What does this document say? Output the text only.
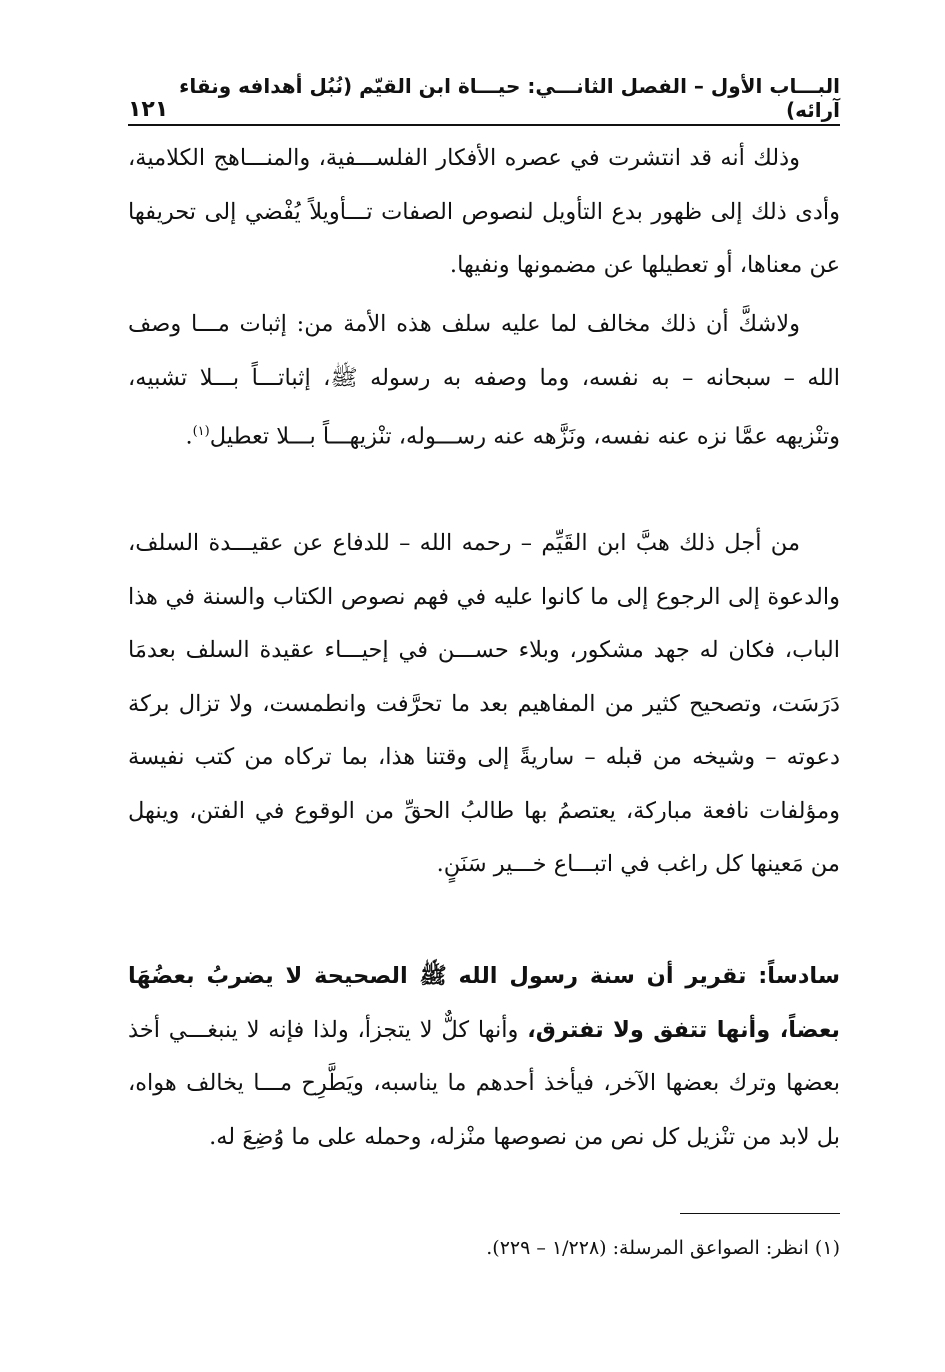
البـــاب الأول – الفصل الثانـــي: حيـــاة ابن القيّم (نُبُل أهدافه ونقاء آرائه)
١٢١

وذلك أنه قد انتشرت في عصره الأفكار الفلســـفية، والمنـــاهج الكلامية، وأدى ذلك إلى ظهور بدع التأويل لنصوص الصفات تـــأويلاً يُفْضي إلى تحريفها عن معناها، أو تعطيلها عن مضمونها ونفيها.

ولاشكَّ أن ذلك مخالف لما عليه سلف هذه الأمة من: إثبات مـــا وصف الله – سبحانه – به نفسه، وما وصفه به رسوله ﷺ، إثباتـــاً بـــلا تشبيه، وتنْزيهه عمَّا نزه عنه نفسه، ونَزَّهه عنه رســـوله، تنْزيهـــاً بـــلا تعطيل$^{(١)}$.

من أجل ذلك هبَّ ابن القَيِّم – رحمه الله – للدفاع عن عقيـــدة السلف، والدعوة إلى الرجوع إلى ما كانوا عليه في فهم نصوص الكتاب والسنة في هذا الباب، فكان له جهد مشكور، وبلاء حســـن في إحيـــاء عقيدة السلف بعدمَا دَرَسَت، وتصحيح كثير من المفاهيم بعد ما تحرَّفت وانطمست، ولا تزال بركة دعوته – وشيخه من قبله – ساريةً إلى وقتنا هذا، بما تركاه من كتب نفيسة ومؤلفات نافعة مباركة، يعتصمُ بها طالبُ الحقِّ من الوقوع في الفتن، وينهل من مَعينها كل راغب في اتبـــاع خـــير سَنَنٍ.

سادساً: تقرير أن سنة رسول الله ﷺ الصحيحة لا يضربُ بعضُهَا بعضاً، وأنها تتفق ولا تفترق، وأنها كلٌّ لا يتجزأ، ولذا فإنه لا ينبغـــي أخذ بعضها وترك بعضها الآخر، فيأخذ أحدهم ما يناسبه، ويَطَّرِح مـــا يخالف هواه، بل لابد من تنْزيل كل نص من نصوصها منْزله، وحمله على ما وُضِعَ له.

(١) انظر: الصواعق المرسلة: (١/٢٢٨ – ٢٢٩).
